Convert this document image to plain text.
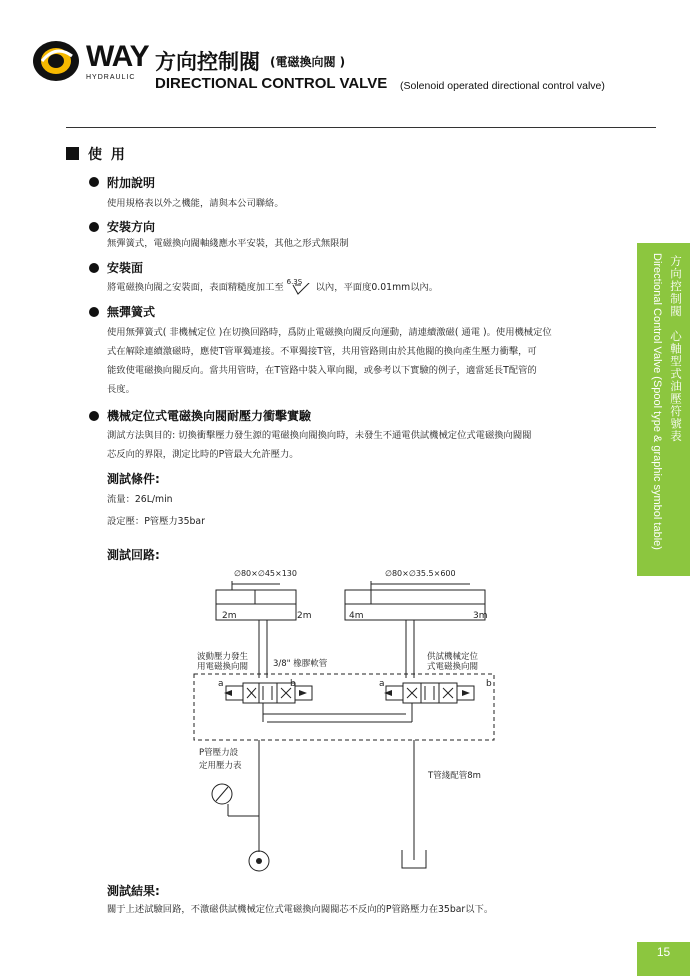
WAY
HYDRAULIC
方向控制閥 (電磁換向閥 )
DIRECTIONAL CONTROL VALVE (Solenoid operated directional control valve)
方向控制閥　心軸型式油壓符號表
Directional Control Valve (Spool type & graphic symbol table)
使 用
附加說明
使用規格表以外之機能，請與本公司聯絡。
安裝方向
無彈簧式，電磁換向閥軸綫應水平安裝，其他之形式無限制
安裝面
將電磁換向閥之安裝面，表面精糙度加工至
6.3S
以內，平面度0.01mm以內。
無彈簧式
使用無彈簧式( 非機械定位 )在切換回路時，爲防止電磁換向閥反向運動，請連續激磁( 通電 )。使用機械定位
式在解除連續激磁時，應使T管單獨連接。不單獨接T管，共用管路則由於其他閥的換向產生壓力衝擊，可
能致使電磁換向閥反向。當共用管時，在T管路中裝入單向閥，或參考以下實驗的例子，適當延長T配管的
長度。
機械定位式電磁換向閥耐壓力衝擊實驗
測試方法與目的: 切換衝擊壓力發生源的電磁換向閥換向時，未發生不通電供試機械定位式電磁換向閥閥
芯反向的界限，測定比時的P管最大允許壓力。
測試條件:
流量：26L/min
設定壓：P管壓力35bar
測試回路:
∅80×∅45×130	∅80×∅35.5×600
2m	2m	4m	3m
波動壓力發生
用電磁換向閥	3/8" 橡膠軟管
供試機械定位
式電磁換向閥
a	b	a	b
P管壓力設
定用壓力表
T管綫配管8m
測試結果:
關于上述試驗回路，不激磁供試機械定位式電磁換向閥閥芯不反向的P管路壓力在35bar以下。
15
